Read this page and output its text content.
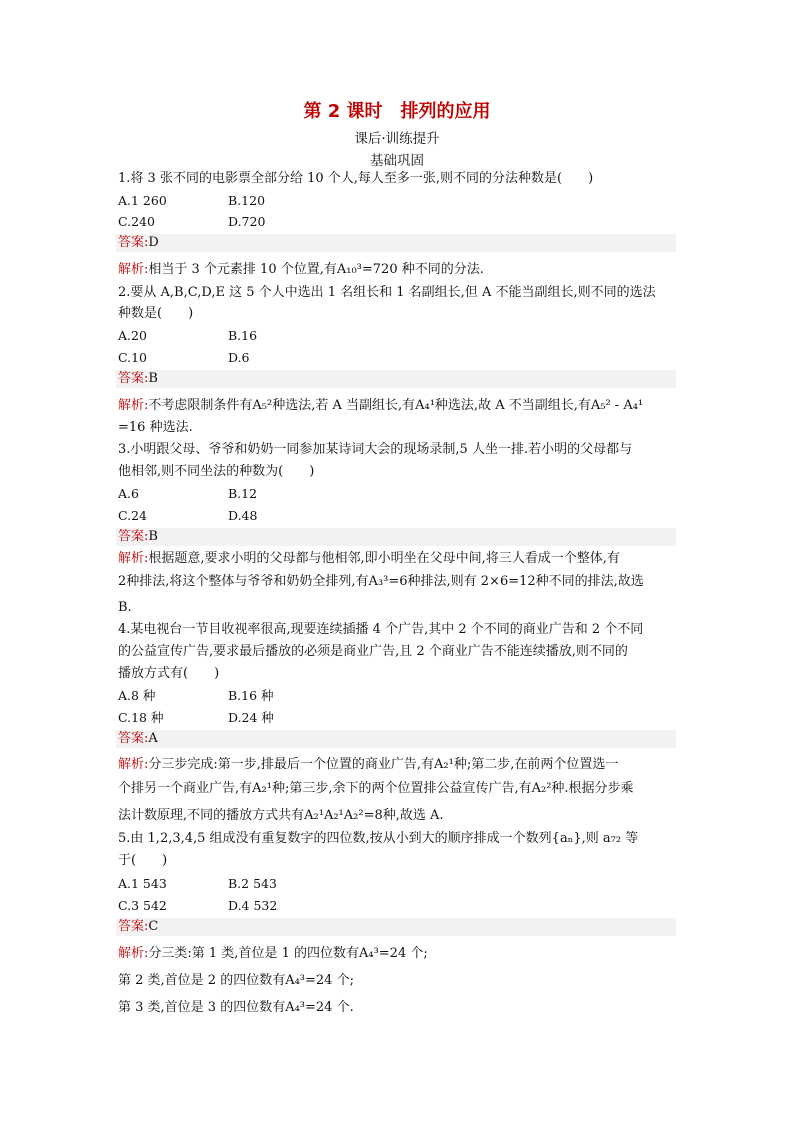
第 2 课时　排列的应用
课后·训练提升
基础巩固
1.将 3 张不同的电影票全部分给 10 个人,每人至多一张,则不同的分法种数是(　　)
A.1 260	B.120
C.240	D.720
答案:D
解析:相当于 3 个元素排 10 个位置,有A₁₀³=720 种不同的分法.
2.要从 A,B,C,D,E 这 5 个人中选出 1 名组长和 1 名副组长,但 A 不能当副组长,则不同的选法
种数是(　　)
A.20	B.16
C.10	D.6
答案:B
解析:不考虑限制条件有A₅²种选法,若 A 当副组长,有A₄¹种选法,故 A 不当副组长,有A₅² - A₄¹
=16 种选法.
3.小明跟父母、爷爷和奶奶一同参加某诗词大会的现场录制,5 人坐一排.若小明的父母都与
他相邻,则不同坐法的种数为(　　)
A.6	B.12
C.24	D.48
答案:B
解析:根据题意,要求小明的父母都与他相邻,即小明坐在父母中间,将三人看成一个整体,有
2种排法,将这个整体与爷爷和奶奶全排列,有A₃³=6种排法,则有 2×6=12种不同的排法,故选
B.
4.某电视台一节目收视率很高,现要连续插播 4 个广告,其中 2 个不同的商业广告和 2 个不同
的公益宣传广告,要求最后播放的必须是商业广告,且 2 个商业广告不能连续播放,则不同的
播放方式有(　　)
A.8 种	B.16 种
C.18 种	D.24 种
答案:A
解析:分三步完成:第一步,排最后一个位置的商业广告,有A₂¹种;第二步,在前两个位置选一
个排另一个商业广告,有A₂¹种;第三步,余下的两个位置排公益宣传广告,有A₂²种.根据分步乘
法计数原理,不同的播放方式共有A₂¹A₂¹A₂²=8种,故选 A.
5.由 1,2,3,4,5 组成没有重复数字的四位数,按从小到大的顺序排成一个数列{aₙ},则 a₇₂ 等
于(　　)
A.1 543	B.2 543
C.3 542	D.4 532
答案:C
解析:分三类:第 1 类,首位是 1 的四位数有A₄³=24 个;
第 2 类,首位是 2 的四位数有A₄³=24 个;
第 3 类,首位是 3 的四位数有A₄³=24 个.
